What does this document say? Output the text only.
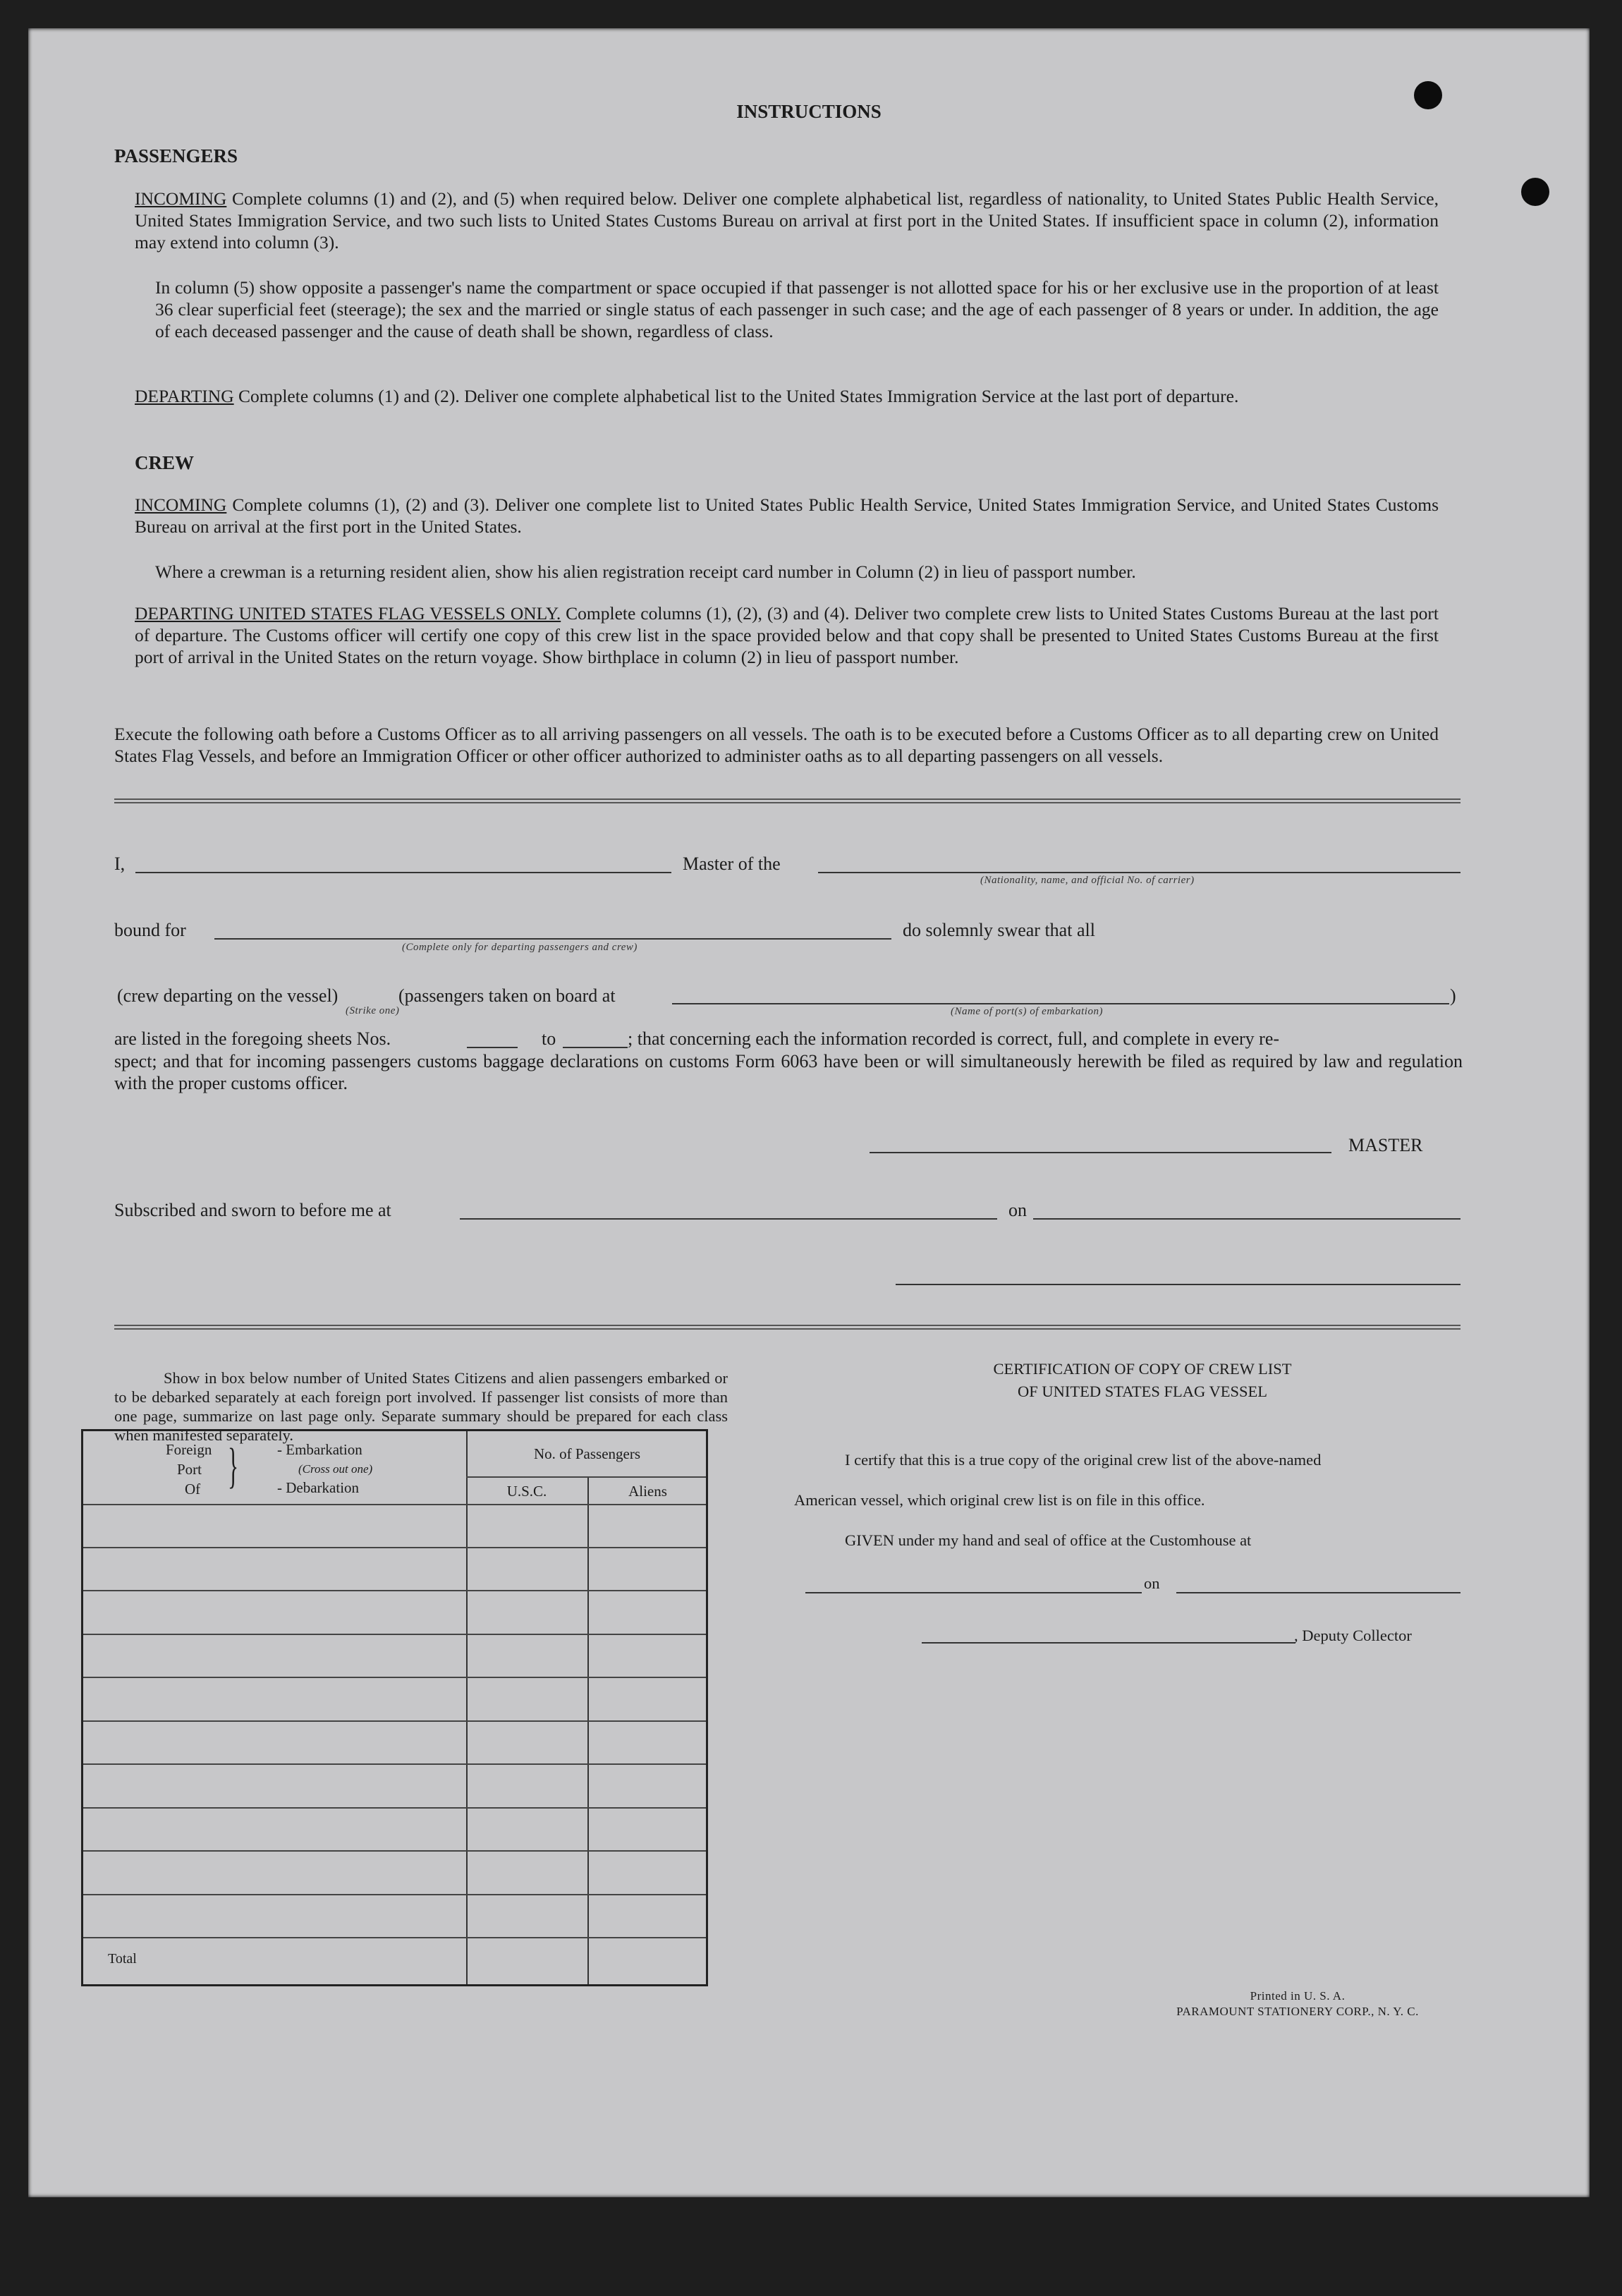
INSTRUCTIONS
PASSENGERS
INCOMING Complete columns (1) and (2), and (5) when required below. Deliver one complete alphabetical list, regardless of nationality, to United States Public Health Service, United States Immigration Service, and two such lists to United States Customs Bureau on arrival at first port in the United States. If insufficient space in column (2), information may extend into column (3).
In column (5) show opposite a passenger's name the compartment or space occupied if that passenger is not allotted space for his or her exclusive use in the proportion of at least 36 clear superficial feet (steerage); the sex and the married or single status of each passenger in such case; and the age of each passenger of 8 years or under. In addition, the age of each deceased passenger and the cause of death shall be shown, regardless of class.
DEPARTING Complete columns (1) and (2). Deliver one complete alphabetical list to the United States Immigration Service at the last port of departure.
CREW
INCOMING Complete columns (1), (2) and (3). Deliver one complete list to United States Public Health Service, United States Immigration Service, and United States Customs Bureau on arrival at the first port in the United States.
Where a crewman is a returning resident alien, show his alien registration receipt card number in Column (2) in lieu of passport number.
DEPARTING UNITED STATES FLAG VESSELS ONLY. Complete columns (1), (2), (3) and (4). Deliver two complete crew lists to United States Customs Bureau at the last port of departure. The Customs officer will certify one copy of this crew list in the space provided below and that copy shall be presented to United States Customs Bureau at the first port of arrival in the United States on the return voyage. Show birthplace in column (2) in lieu of passport number.
Execute the following oath before a Customs Officer as to all arriving passengers on all vessels. The oath is to be executed before a Customs Officer as to all departing crew on United States Flag Vessels, and before an Immigration Officer or other officer authorized to administer oaths as to all departing passengers on all vessels.
I,	Master of the
(Nationality, name, and official No. of carrier)
bound for
(Complete only for departing passengers and crew)
do solemnly swear that all
(crew departing on the vessel)
(Strike one)
(passengers taken on board at
(Name of port(s) of embarkation)
)
are listed in the foregoing sheets Nos.	to	; that concerning each the information recorded is correct, full, and complete in every re-
spect; and that for incoming passengers customs baggage declarations on customs Form 6063 have been or will simultaneously herewith be filed as required by law and regulation with the proper customs officer.
MASTER
Subscribed and sworn to before me at	on
Show in box below number of United States Citizens and alien passengers embarked or to be debarked separately at each foreign port involved. If passenger list consists of more than one page, summarize on last page only. Separate summary should be prepared for each class when manifested separately.
Foreign
Port
Of }	- Embarkation
(Cross out one)
- Debarkation
No. of Passengers
U.S.C.	Aliens
Total
CERTIFICATION OF COPY OF CREW LIST
OF UNITED STATES FLAG VESSEL
I certify that this is a true copy of the original crew list of the above-named
American vessel, which original crew list is on file in this office.
GIVEN under my hand and seal of office at the Customhouse at
on
, Deputy Collector
Printed in U. S. A.
PARAMOUNT STATIONERY CORP., N. Y. C.
